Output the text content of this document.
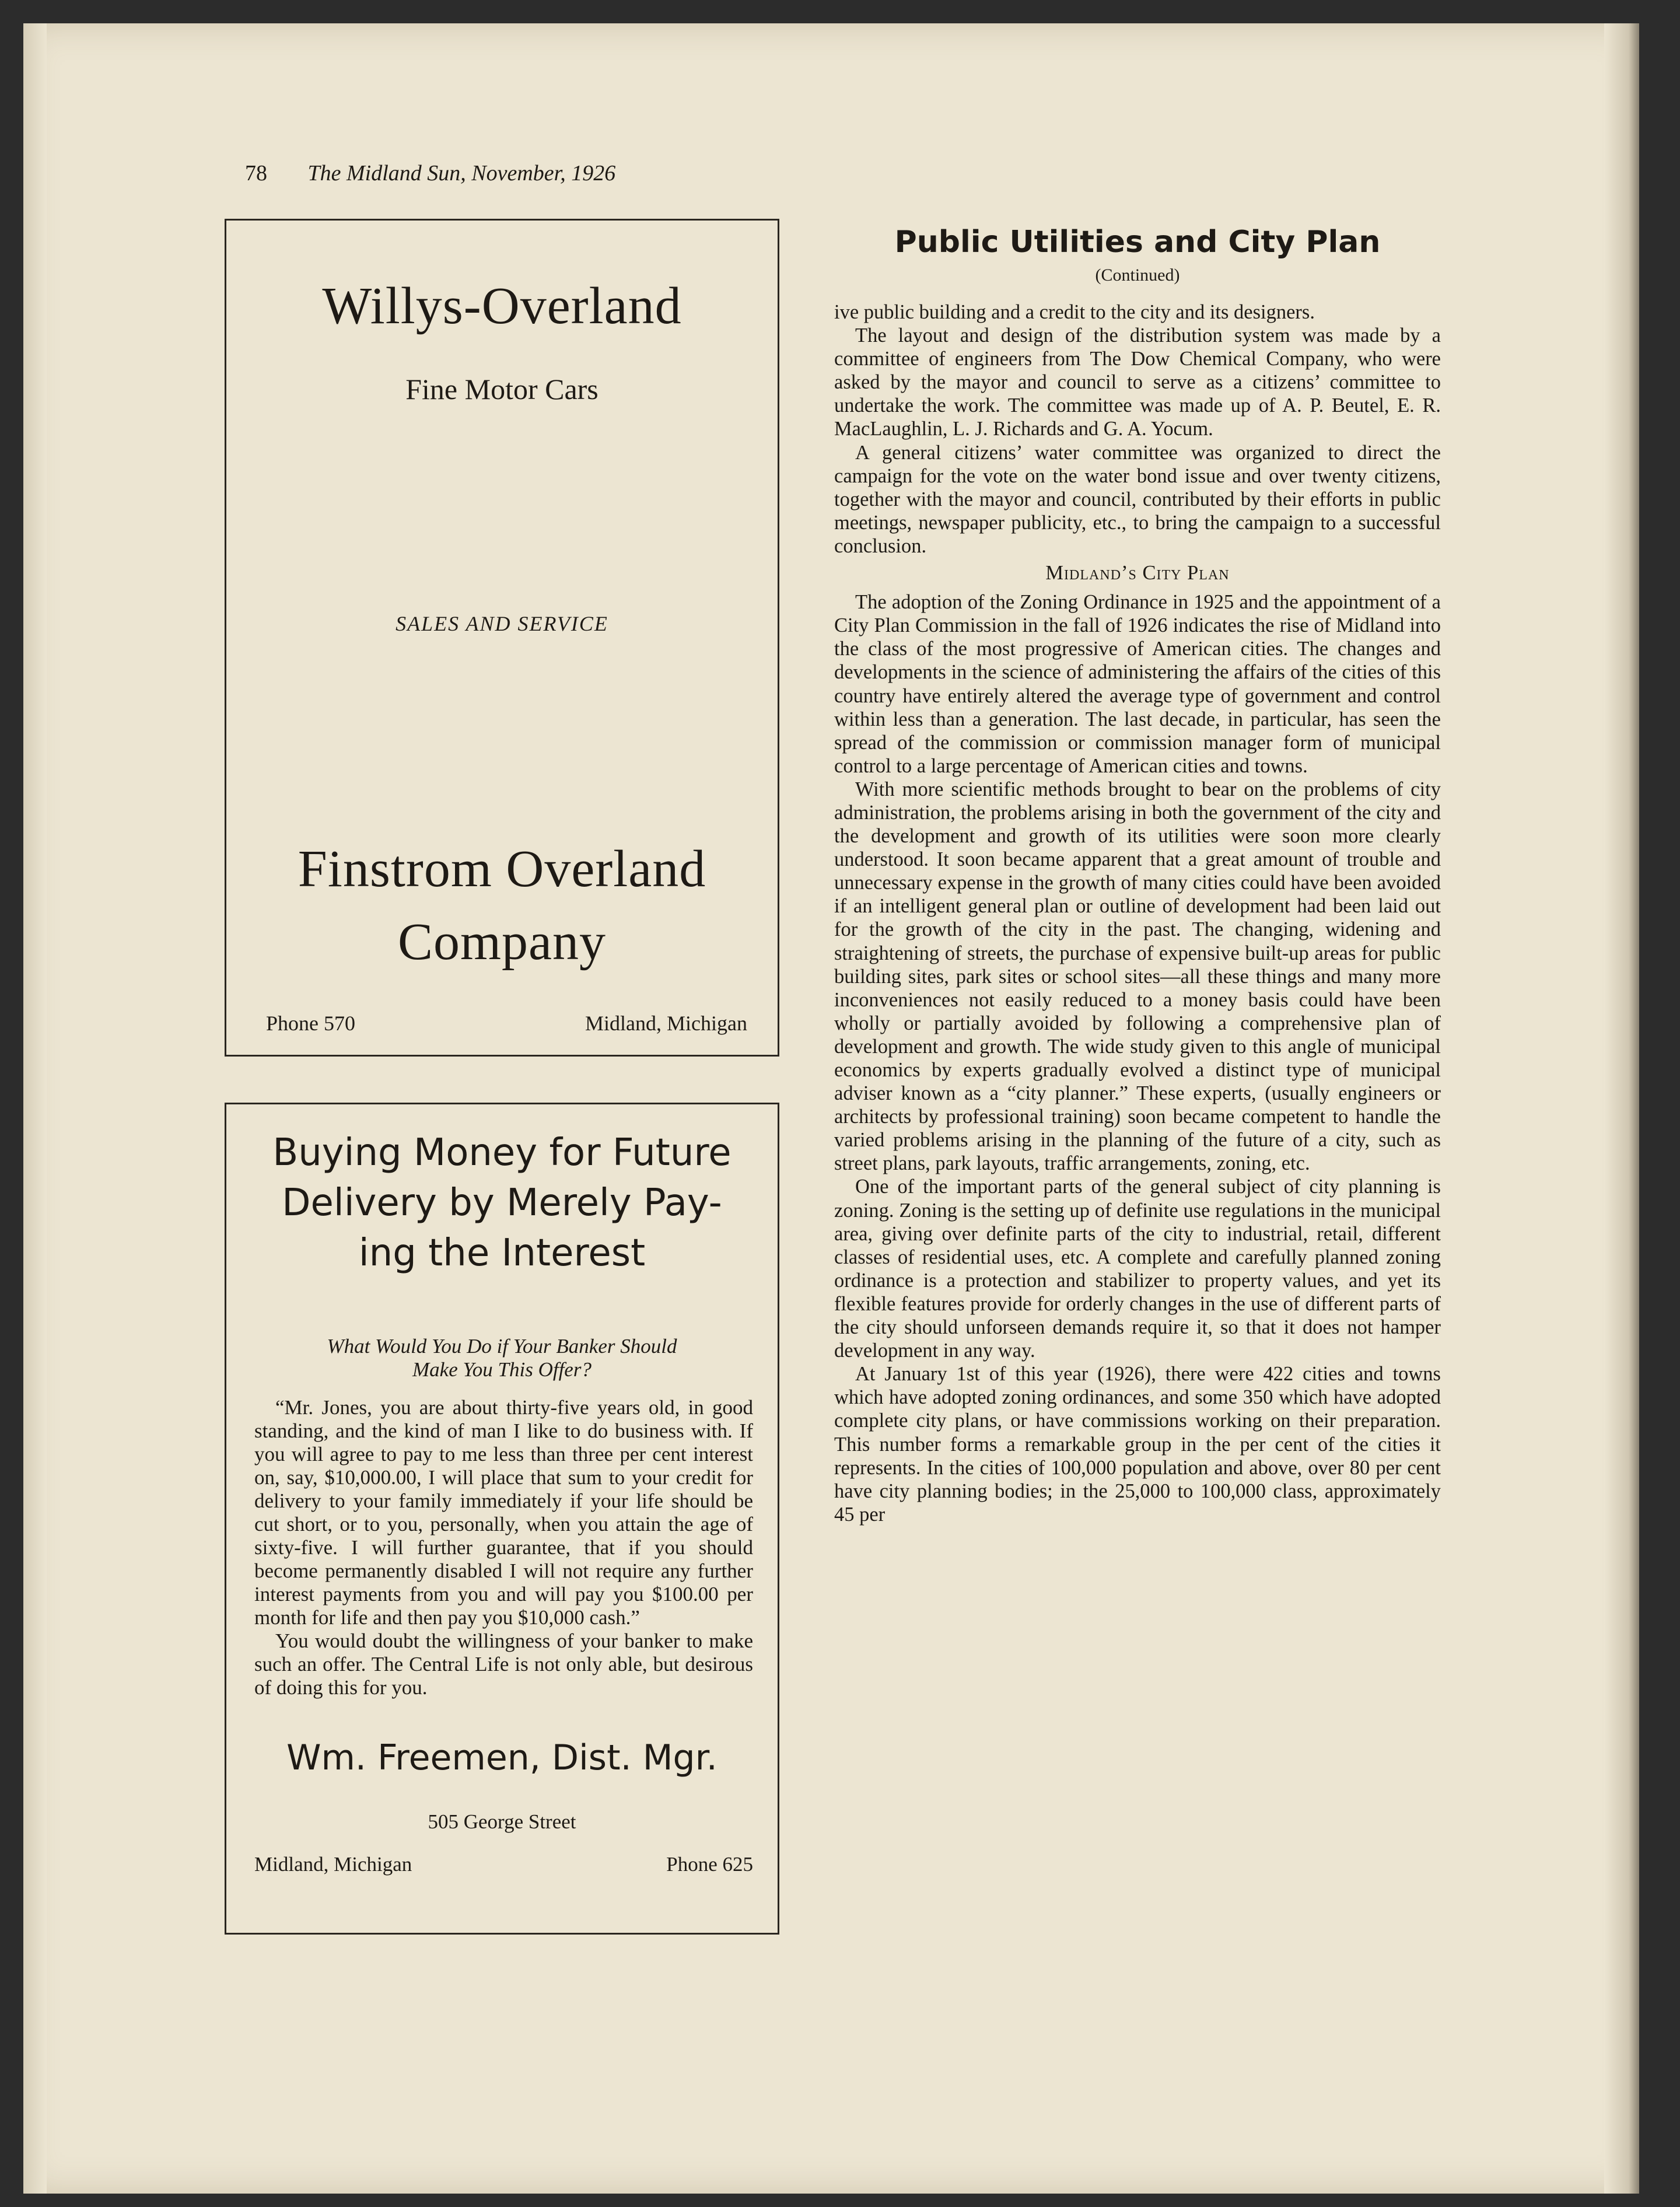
78 The Midland Sun, November, 1926
Willys-Overland
Fine Motor Cars
SALES AND SERVICE
Finstrom Overland
Company
Phone 570	Midland, Michigan
Buying Money for Future
Delivery by Merely Pay-
ing the Interest
What Would You Do if Your Banker Should
Make You This Offer?

“Mr. Jones, you are about thirty-five years old, in good standing, and the kind of man I like to do business with. If you will agree to pay to me less than three per cent interest on, say, $10,000.00, I will place that sum to your credit for delivery to your family immediately if your life should be cut short, or to you, personally, when you attain the age of sixty-five. I will further guarantee, that if you should become permanently disabled I will not require any further interest payments from you and will pay you $100.00 per month for life and then pay you $10,000 cash.”

You would doubt the willingness of your banker to make such an offer. The Central Life is not only able, but desirous of doing this for you.

Wm. Freemen, Dist. Mgr.
505 George Street
Midland, Michigan	Phone 625
Public Utilities and City Plan
(Continued)

ive public building and a credit to the city and its designers.

The layout and design of the distribution system was made by a committee of engineers from The Dow Chemical Company, who were asked by the mayor and council to serve as a citizens’ committee to undertake the work. The committee was made up of A. P. Beutel, E. R. MacLaughlin, L. J. Richards and G. A. Yocum.

A general citizens’ water committee was organized to direct the campaign for the vote on the water bond issue and over twenty citizens, together with the mayor and council, contributed by their efforts in public meetings, newspaper publicity, etc., to bring the campaign to a successful conclusion.

Midland’s City Plan

The adoption of the Zoning Ordinance in 1925 and the appointment of a City Plan Commission in the fall of 1926 indicates the rise of Midland into the class of the most progressive of American cities. The changes and developments in the science of administering the affairs of the cities of this country have entirely altered the average type of government and control within less than a generation. The last decade, in particular, has seen the spread of the commission or commission manager form of municipal control to a large percentage of American cities and towns.

With more scientific methods brought to bear on the problems of city administration, the problems arising in both the government of the city and the development and growth of its utilities were soon more clearly understood. It soon became apparent that a great amount of trouble and unnecessary expense in the growth of many cities could have been avoided if an intelligent general plan or outline of development had been laid out for the growth of the city in the past. The changing, widening and straightening of streets, the purchase of expensive built-up areas for public building sites, park sites or school sites—all these things and many more inconveniences not easily reduced to a money basis could have been wholly or partially avoided by following a comprehensive plan of development and growth. The wide study given to this angle of municipal economics by experts gradually evolved a distinct type of municipal adviser known as a “city planner.” These experts, (usually engineers or architects by professional training) soon became competent to handle the varied problems arising in the planning of the future of a city, such as street plans, park layouts, traffic arrangements, zoning, etc.

One of the important parts of the general subject of city planning is zoning. Zoning is the setting up of definite use regulations in the municipal area, giving over definite parts of the city to industrial, retail, different classes of residential uses, etc. A complete and carefully planned zoning ordinance is a protection and stabilizer to property values, and yet its flexible features provide for orderly changes in the use of different parts of the city should unforseen demands require it, so that it does not hamper development in any way.

At January 1st of this year (1926), there were 422 cities and towns which have adopted zoning ordinances, and some 350 which have adopted complete city plans, or have commissions working on their preparation. This number forms a remarkable group in the per cent of the cities it represents. In the cities of 100,000 population and above, over 80 per cent have city planning bodies; in the 25,000 to 100,000 class, approximately 45 per
